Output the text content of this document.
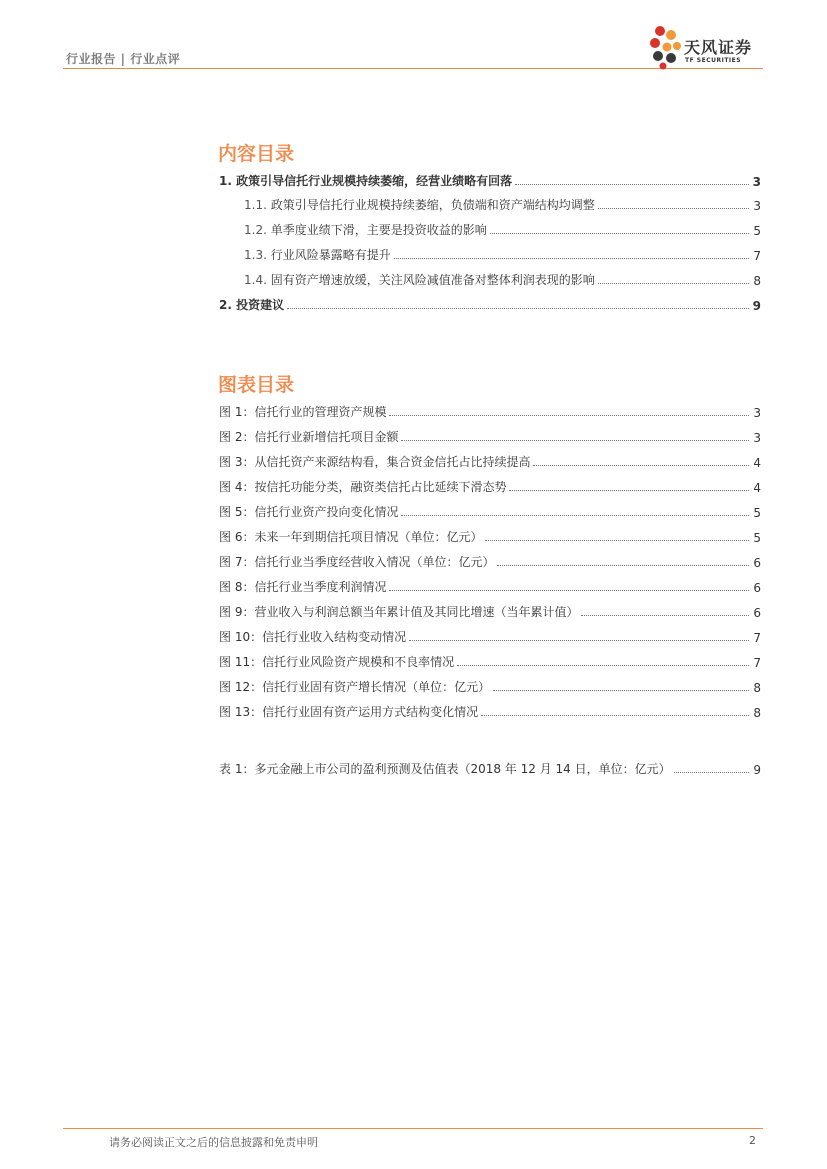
行业报告 | 行业点评
天风证券
TF SECURITIES
内容目录
1. 政策引导信托行业规模持续萎缩，经营业绩略有回落	3
1.1. 政策引导信托行业规模持续萎缩，负债端和资产端结构均调整	3
1.2. 单季度业绩下滑，主要是投资收益的影响	5
1.3. 行业风险暴露略有提升	7
1.4. 固有资产增速放缓，关注风险减值准备对整体利润表现的影响	8
2. 投资建议	9
图表目录
图 1：信托行业的管理资产规模	3
图 2：信托行业新增信托项目金额	3
图 3：从信托资产来源结构看，集合资金信托占比持续提高	4
图 4：按信托功能分类，融资类信托占比延续下滑态势	4
图 5：信托行业资产投向变化情况	5
图 6：未来一年到期信托项目情况（单位：亿元）	5
图 7：信托行业当季度经营收入情况（单位：亿元）	6
图 8：信托行业当季度利润情况	6
图 9：营业收入与利润总额当年累计值及其同比增速（当年累计值）	6
图 10：信托行业收入结构变动情况	7
图 11：信托行业风险资产规模和不良率情况	7
图 12：信托行业固有资产增长情况（单位：亿元）	8
图 13：信托行业固有资产运用方式结构变化情况	8
表 1：多元金融上市公司的盈利预测及估值表（2018 年 12 月 14 日，单位：亿元）	9
请务必阅读正文之后的信息披露和免责申明	2
